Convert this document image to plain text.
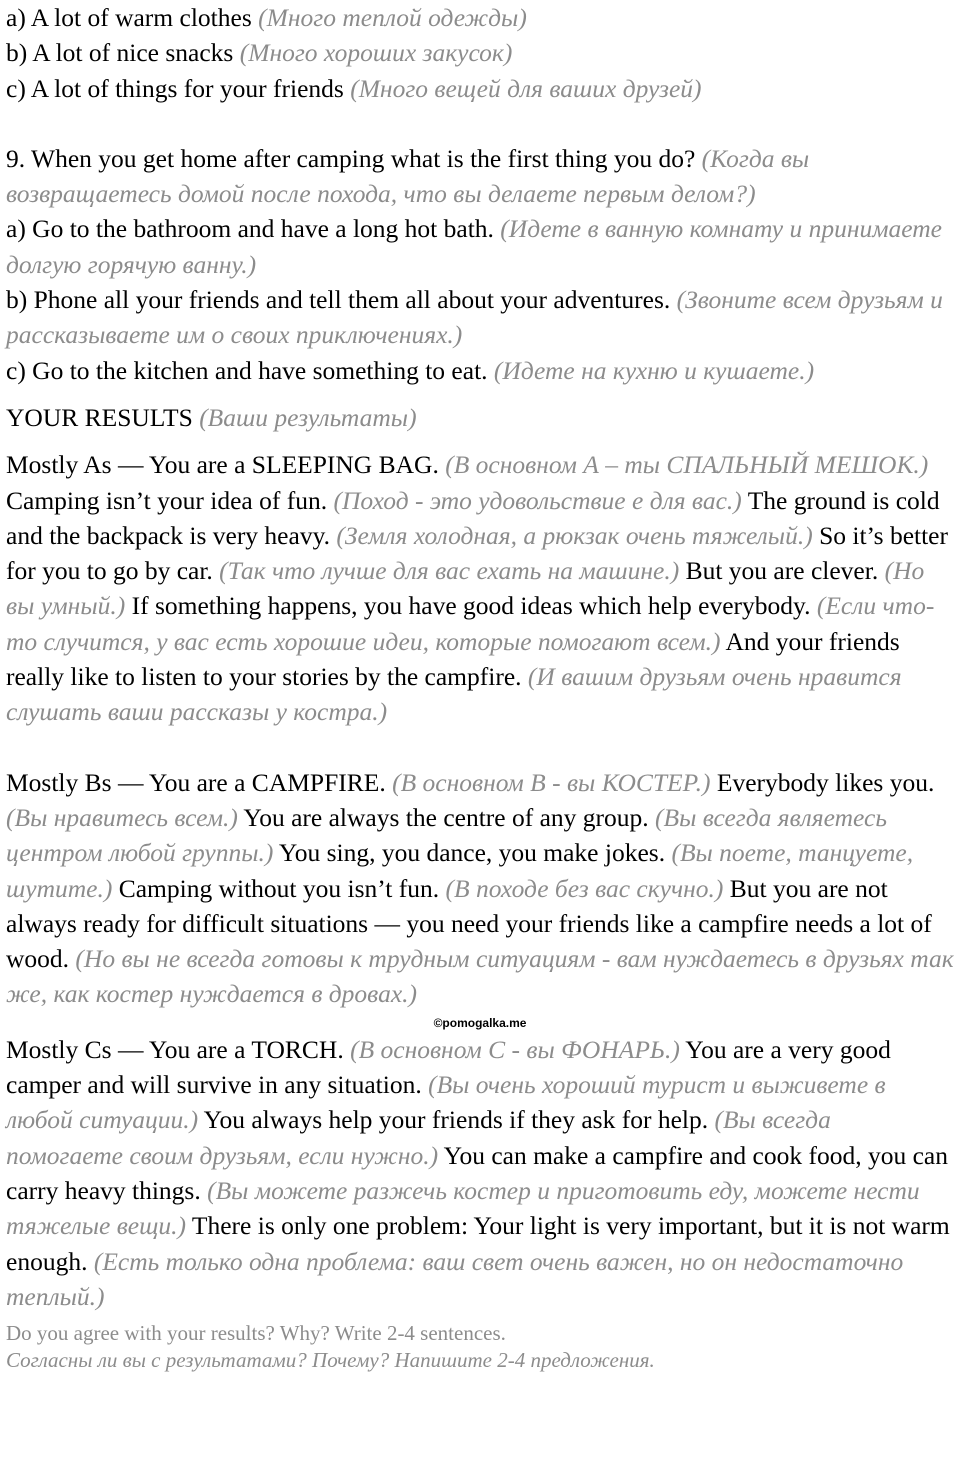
a) A lot of warm clothes (Много теплой одежды)

b) A lot of nice snacks (Много хороших закусок)

c) A lot of things for your friends (Много вещей для ваших друзей)

9. When you get home after camping what is the first thing you do? (Когда вы возвращаетесь домой после похода, что вы делаете первым делом?)

a) Go to the bathroom and have a long hot bath. (Идете в ванную комнату и принимаете долгую горячую ванну.)

b) Phone all your friends and tell them all about your adventures. (Звоните всем друзьям и рассказываете им о своих приключениях.)

c) Go to the kitchen and have something to eat. (Идете на кухню и кушаете.)

YOUR RESULTS (Ваши результаты)

Mostly As — You are a SLEEPING BAG. (В основном А – ты СПАЛЬНЫЙ МЕШОК.) Camping isn’t your idea of fun. (Поход - это удовольствие е для вас.) The ground is cold and the backpack is very heavy. (Земля холодная, а рюкзак очень тяжелый.) So it’s better for you to go by car. (Так что лучше для вас ехать на машине.) But you are clever. (Но вы умный.) If something happens, you have good ideas which help everybody. (Если что-то случится, у вас есть хорошие идеи, которые помогают всем.) And your friends really like to listen to your stories by the campfire. (И вашим друзьям очень нравится слушать ваши рассказы у костра.)

Mostly Bs — You are a CAMPFIRE. (В основном В - вы КОСТЕР.) Everybody likes you. (Вы нравитесь всем.) You are always the centre of any group. (Вы всегда являетесь центром любой группы.) You sing, you dance, you make jokes. (Вы поете, танцуете, шутите.) Camping without you isn’t fun. (В походе без вас скучно.) But you are not always ready for difficult situations — you need your friends like a campfire needs a lot of wood. (Но вы не всегда готовы к трудным ситуациям - вам нуждаетесь в друзьях так же, как костер нуждается в дровах.)

©pomogalka.me

Mostly Cs — You are a TORCH. (В основном С - вы ФОНАРЬ.) You are a very good camper and will survive in any situation. (Вы очень хороший турист и выживете в любой ситуации.) You always help your friends if they ask for help. (Вы всегда помогаете своим друзьям, если нужно.) You can make a campfire and cook food, you can carry heavy things. (Вы можете разжечь костер и приготовить еду, можете нести тяжелые вещи.) There is only one problem: Your light is very important, but it is not warm enough. (Есть только одна проблема: ваш свет очень важен, но он недостаточно теплый.)

Do you agree with your results? Why? Write 2-4 sentences.
Согласны ли вы с результатами? Почему? Напишите 2-4 предложения.
